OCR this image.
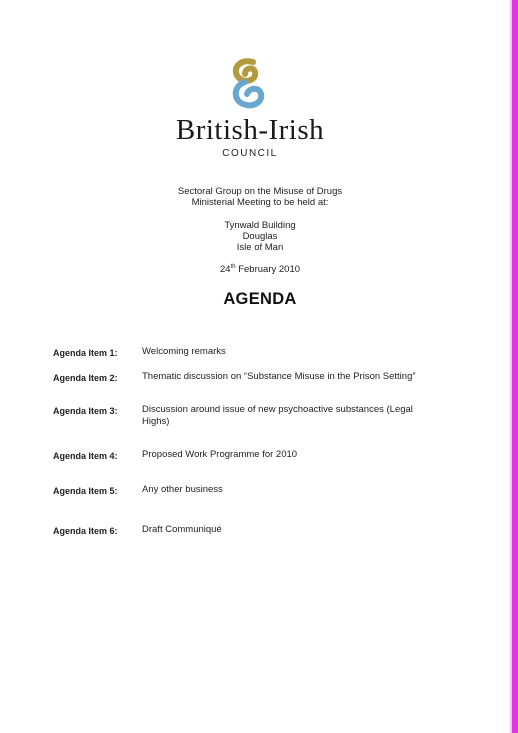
British-Irish
COUNCIL
Sectoral Group on the Misuse of Drugs
Ministerial Meeting to be held at:
Tynwald Building
Douglas
Isle of Man
24th February 2010
AGENDA
Agenda Item 1:	Welcoming remarks
Agenda Item 2:	Thematic discussion on “Substance Misuse in the Prison Setting”
Agenda Item 3:	Discussion around issue of new psychoactive substances (Legal Highs)
Agenda Item 4:	Proposed Work Programme for 2010
Agenda Item 5:	Any other business
Agenda Item 6:	Draft Communiqué
